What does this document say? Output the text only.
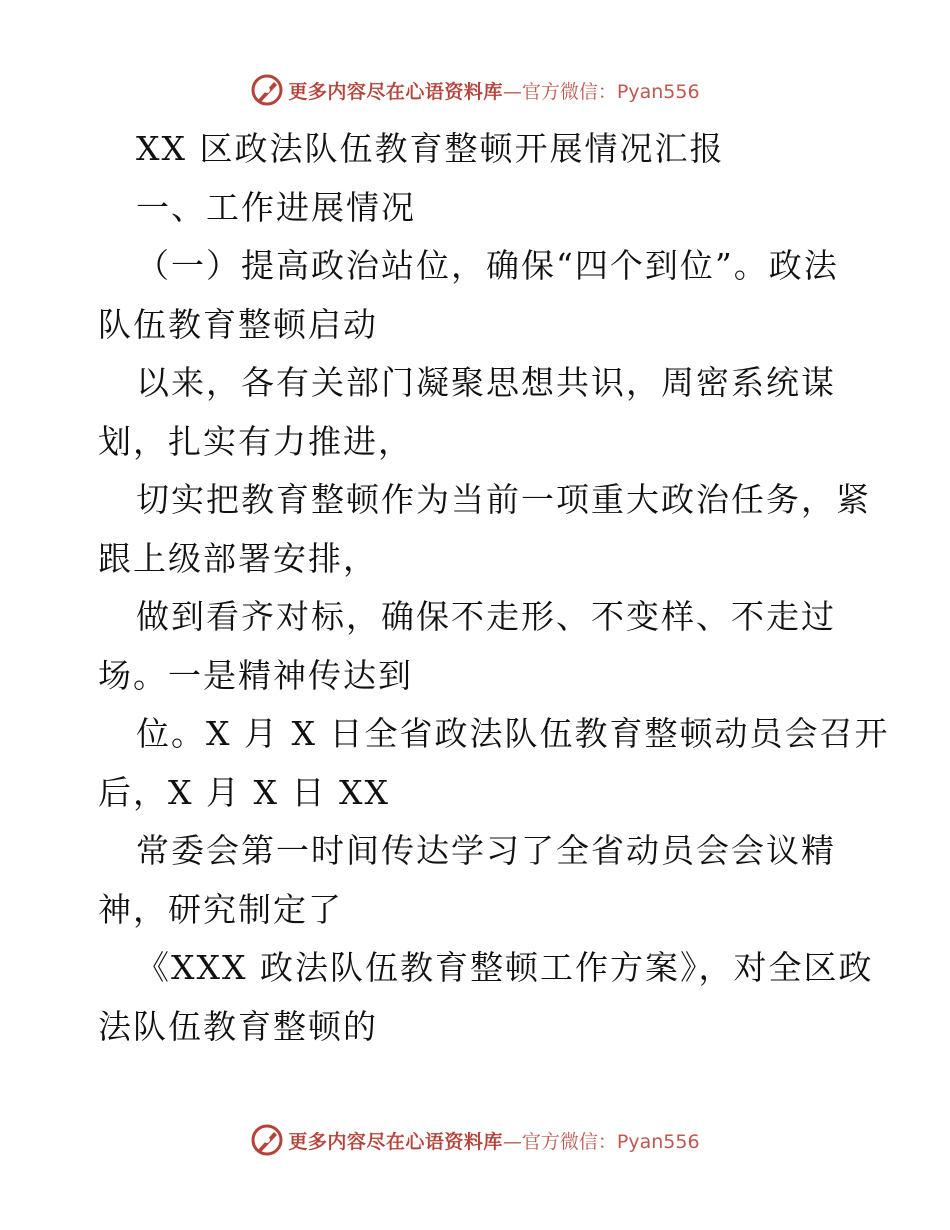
更多内容尽在心语资料库 —官方微信：Pyan556
XX 区政法队伍教育整顿开展情况汇报
一、工作进展情况
（一）提高政治站位，确保“四个到位”。政法
队伍教育整顿启动
以来，各有关部门凝聚思想共识，周密系统谋
划，扎实有力推进，
切实把教育整顿作为当前一项重大政治任务，紧
跟上级部署安排，
做到看齐对标，确保不走形、不变样、不走过
场。一是精神传达到
位。X 月 X 日全省政法队伍教育整顿动员会召开
后，X 月 X 日 XX
常委会第一时间传达学习了全省动员会会议精
神，研究制定了
《XXX 政法队伍教育整顿工作方案》，对全区政
法队伍教育整顿的
更多内容尽在心语资料库 —官方微信：Pyan556
